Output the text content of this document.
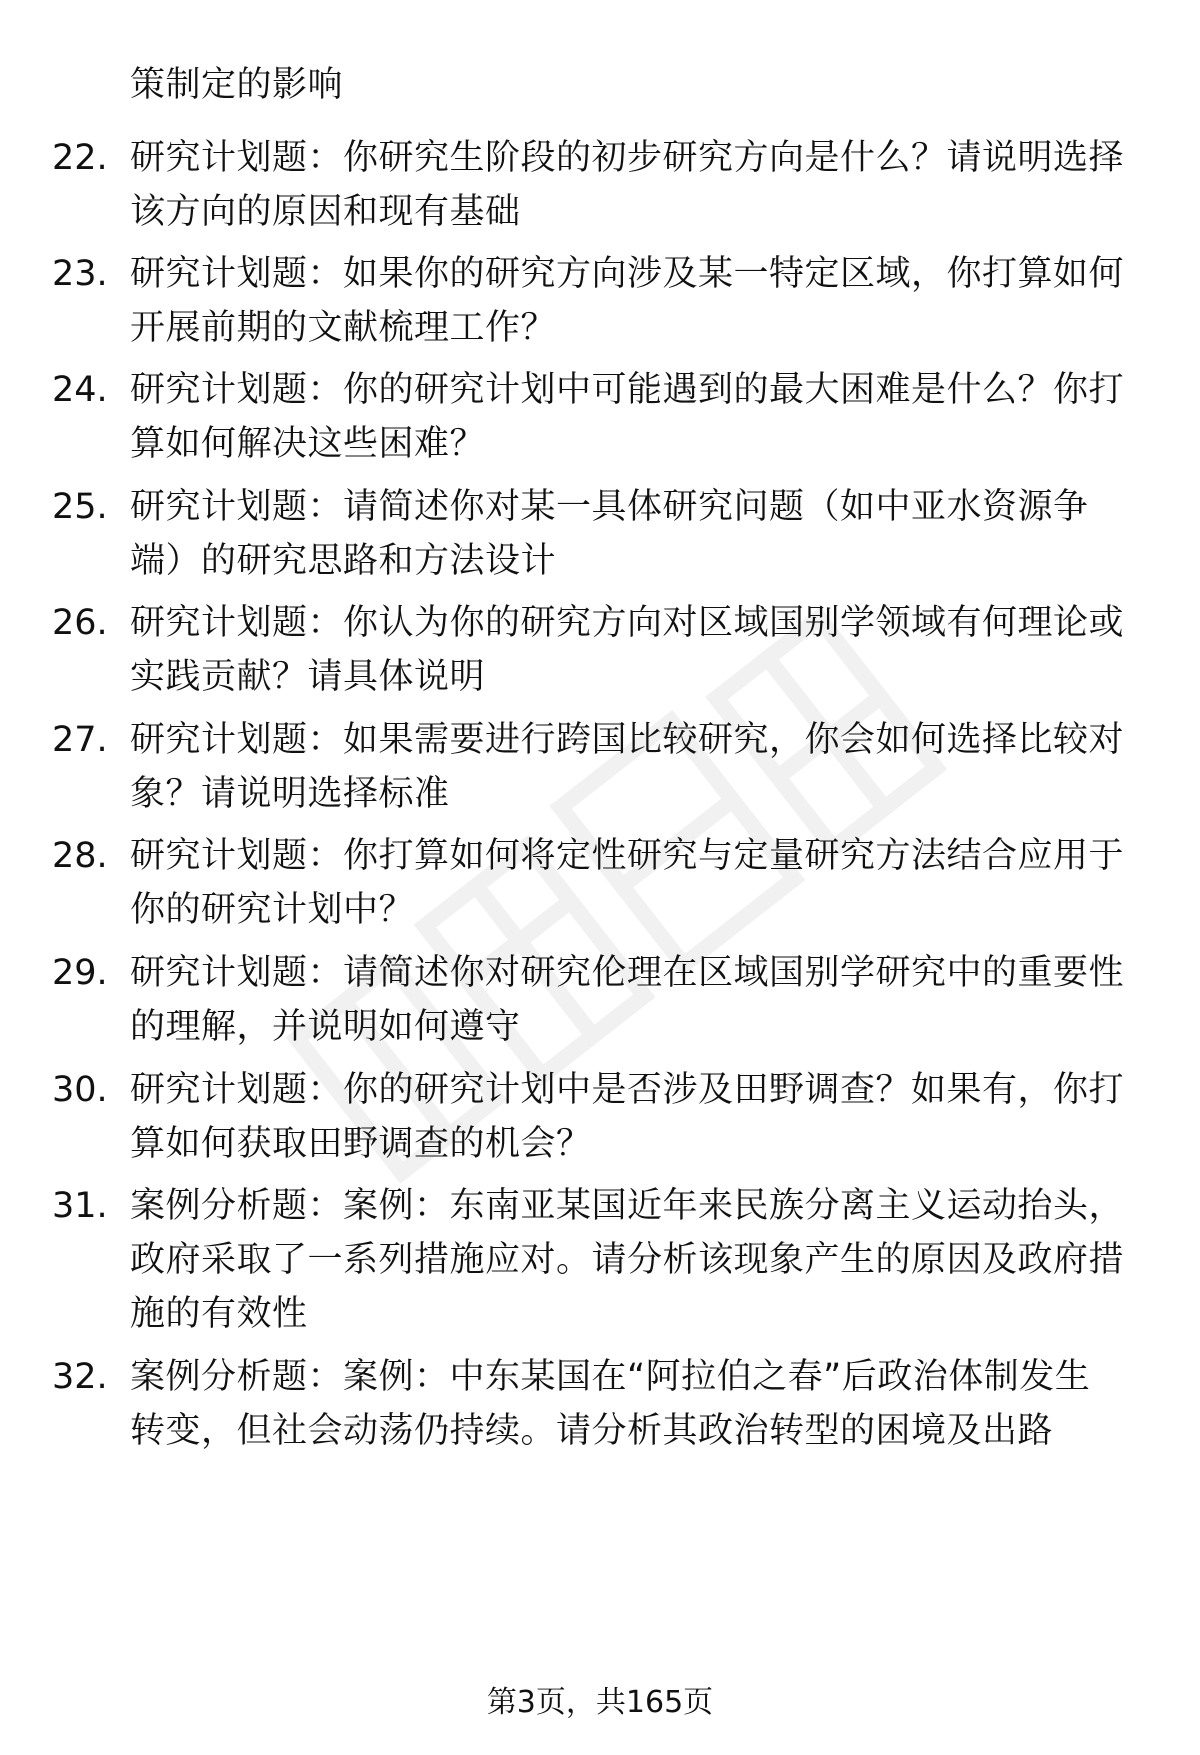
策制定的影响
22. 研究计划题：你研究生阶段的初步研究方向是什么？请说明选择
该方向的原因和现有基础
23. 研究计划题：如果你的研究方向涉及某一特定区域，你打算如何
开展前期的文献梳理工作？
24. 研究计划题：你的研究计划中可能遇到的最大困难是什么？你打
算如何解决这些困难？
25. 研究计划题：请简述你对某一具体研究问题（如中亚水资源争
端）的研究思路和方法设计
26. 研究计划题：你认为你的研究方向对区域国别学领域有何理论或
实践贡献？请具体说明
27. 研究计划题：如果需要进行跨国比较研究，你会如何选择比较对
象？请说明选择标准
28. 研究计划题：你打算如何将定性研究与定量研究方法结合应用于
你的研究计划中？
29. 研究计划题：请简述你对研究伦理在区域国别学研究中的重要性
的理解，并说明如何遵守
30. 研究计划题：你的研究计划中是否涉及田野调查？如果有，你打
算如何获取田野调查的机会？
31. 案例分析题：案例：东南亚某国近年来民族分离主义运动抬头，
政府采取了一系列措施应对。请分析该现象产生的原因及政府措
施的有效性
32. 案例分析题：案例：中东某国在“阿拉伯之春”后政治体制发生
转变，但社会动荡仍持续。请分析其政治转型的困境及出路
第3页，共165页
